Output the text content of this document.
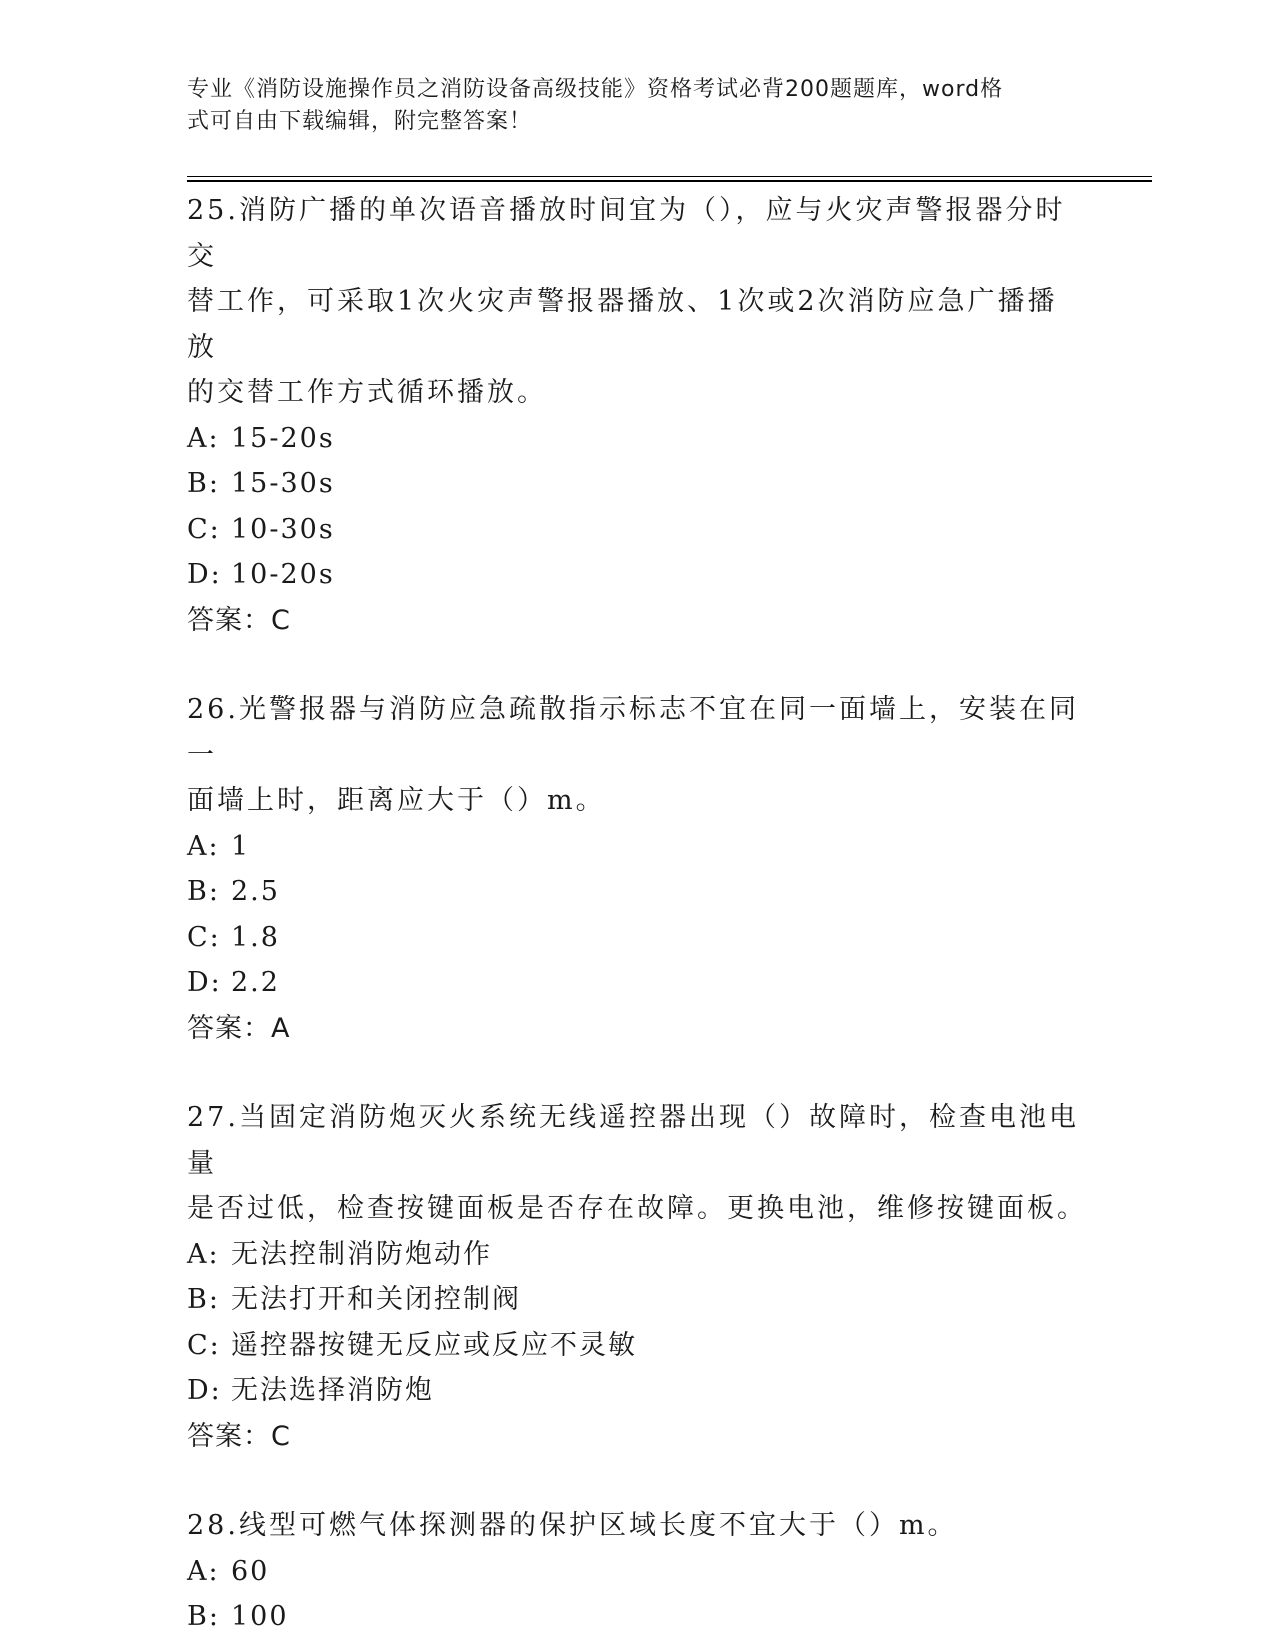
专业《消防设施操作员之消防设备高级技能》资格考试必背200题题库，word格
式可自由下载编辑，附完整答案！

25.消防广播的单次语音播放时间宜为（），应与火灾声警报器分时交

替工作，可采取1次火灾声警报器播放、1次或2次消防应急广播播放

的交替工作方式循环播放。

A: 15-20s

B: 15-30s

C: 10-30s

D: 10-20s

答案：C

26.光警报器与消防应急疏散指示标志不宜在同一面墙上，安装在同一

面墙上时，距离应大于（）m。

A: 1

B: 2.5

C: 1.8

D: 2.2

答案：A

27.当固定消防炮灭火系统无线遥控器出现（）故障时，检查电池电量

是否过低，检查按键面板是否存在故障。更换电池，维修按键面板。

A: 无法控制消防炮动作

B: 无法打开和关闭控制阀

C: 遥控器按键无反应或反应不灵敏

D: 无法选择消防炮

答案：C

28.线型可燃气体探测器的保护区域长度不宜大于（）m。

A: 60

B: 100
